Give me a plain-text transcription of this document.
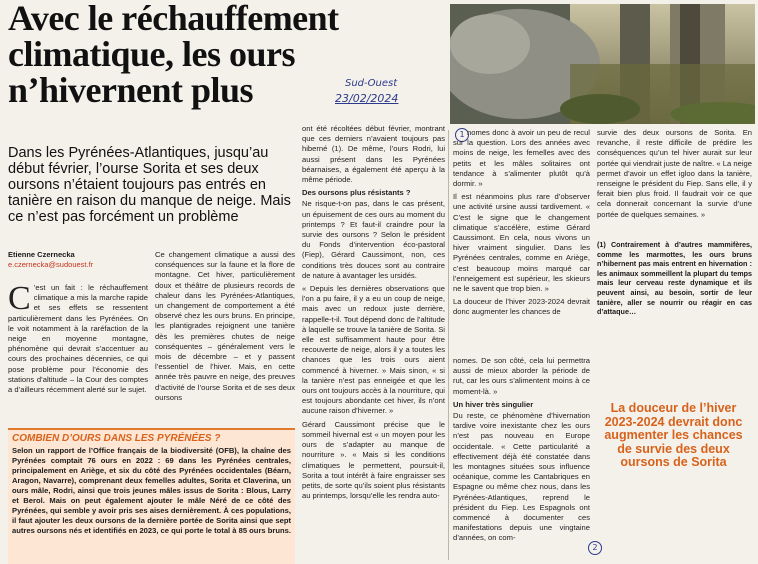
Avec le réchauffement
climatique, les ours
n’hivernent plus	Sud-Ouest
23/02/2024
Dans les Pyrénées-Atlantiques, jusqu’au début février, l’ourse Sorita et ses deux oursons n’étaient toujours pas entrés en tanière en raison du manque de neige. Mais ce n’est pas forcément un problème
Etienne Czernecka
e.czernecka@sudouest.fr
C ’est un fait : le réchauffement climatique a mis la marche rapide et ses effets se ressentent particulièrement dans les Pyrénées. On le voit notamment à la raréfaction de la neige en moyenne montagne, phénomène qui devrait s’accentuer au cours des prochaines décennies, ce qui pose problème pour l’économie des stations d’altitude – la Cour des comptes a d’ailleurs récemment alerté sur le sujet.

Ce changement climatique a aussi des conséquences sur la faune et la flore de montagne. Cet hiver, particulièrement doux et théâtre de plusieurs records de chaleur dans les Pyrénées-Atlantiques, un changement de comportement a été observé chez les ours bruns. En principe, les plantigrades rejoignent une tanière dès les premières chutes de neige conséquentes – généralement vers le mois de décembre – et y passent l’essentiel de l’hiver. Mais, en cette année très pauvre en neige, des preuves d’activité de l’ourse Sorita et de ses deux oursons

ont été récoltées début février, montrant que ces derniers n’avaient toujours pas hiberné (1). De même, l’ours Rodri, lui aussi présent dans les Pyrénées béarnaises, a également été aperçu à la même période.

Des oursons plus résistants ?

Ne risque-t-on pas, dans le cas présent, un épuisement de ces ours au moment du printemps ? Et faut-il craindre pour la survie des oursons ? Selon le président du Fonds d’intervention éco-pastoral (Fiep), Gérard Caussimont, non, ces conditions très douces sont au contraire de nature à avantager les ursidés.

« Depuis les dernières observations que l’on a pu faire, il y a eu un coup de neige, mais avec un redoux juste derrière, rappelle-t-il. Tout dépend donc de l’altitude à laquelle se trouve la tanière de Sorita. Si elle est suffisamment haute pour être recouverte de neige, alors il y a toutes les chances que les trois ours aient commencé à hiverner. » Mais sinon, « si la tanière n’est pas enneigée et que les ours ont toujours accès à la nourriture, qui est toujours abondante cet hiver, ils n’ont aucune raison d’hiverner. »

Gérard Caussimont précise que le sommeil hivernal est « un moyen pour les ours de s’adapter au manque de nourriture ». « Mais si les conditions climatiques le permettent, poursuit-il, Sorita a tout intérêt à faire engraisser ses petits, de sorte qu’ils soient plus résistants au printemps, lorsqu’elle les rendra auto-

1 nomes donc à avoir un peu de recul sur la question. Lors des années avec moins de neige, les femelles avec des petits et les mâles solitaires ont tendance à s’alimenter plutôt qu’à dormir. »

Il est néanmoins plus rare d’observer une activité ursine aussi tardivement. « C’est le signe que le changement climatique s’accélère, estime Gérard Caussimont. En cela, nous vivons un hiver vraiment singulier. Dans les Pyrénées centrales, comme en Ariège, c’est beaucoup moins marqué car l’enneigement est supérieur, les skieurs ne le savent que trop bien. »

La douceur de l’hiver 2023-2024 devrait donc augmenter les chances de

nomes. De son côté, cela lui permettra aussi de mieux aborder la période de rut, car les ours s’alimentent moins à ce moment-là. »

Un hiver très singulier

Du reste, ce phénomène d’hivernation tardive voire inexistante chez les ours n’est pas nouveau en Europe occidentale. « Cette particularité a effectivement déjà été constatée dans les montagnes situées sous influence océanique, comme les Cantabriques en Espagne ou même chez nous, dans les Pyrénées-Atlantiques, reprend le président du Fiep. Les Espagnols ont commencé à documenter ces manifestations depuis une vingtaine d’années, on com-

2

survie des deux oursons de Sorita. En revanche, il reste difficile de prédire les conséquences qu’un tel hiver aurait sur leur portée qui viendrait juste de naître. « La neige permet d’avoir un effet igloo dans la tanière, renseigne le président du Fiep. Sans elle, il y ferait bien plus froid. Il faudrait voir ce que cela donnerait concernant la survie d’une portée de quelques semaines. »

(1) Contrairement à d’autres mammifères, comme les marmottes, les ours bruns n’hibernent pas mais entrent en hivernation : les animaux sommeillent la plupart du temps mais leur cerveau reste dynamique et ils peuvent ainsi, au besoin, sortir de leur tanière, aller se nourrir ou réagir en cas d’attaque…
La douceur de l’hiver 2023-2024 devrait donc augmenter les chances de survie des deux oursons de Sorita
COMBIEN D’OURS DANS LES PYRÉNÉES ?
Selon un rapport de l’Office français de la biodiversité (OFB), la chaîne des Pyrénées comptait 76 ours en 2022 : 69 dans les Pyrénées centrales, principalement en Ariège, et six du côté des Pyrénées occidentales (Béarn, Aragon, Navarre), comprenant deux femelles adultes, Sorita et Claverina, un ours mâle, Rodri, ainsi que trois jeunes mâles issus de Sorita : Blous, Larry et Berol. Mais on peut également ajouter le mâle Néré de ce côté des Pyrénées, qui semble y avoir pris ses aises dernièrement. À ces populations, il faut ajouter les deux oursons de la dernière portée de Sorita ainsi que sept autres oursons nés et identifiés en 2023, ce qui porte le total à 85 ours bruns.
